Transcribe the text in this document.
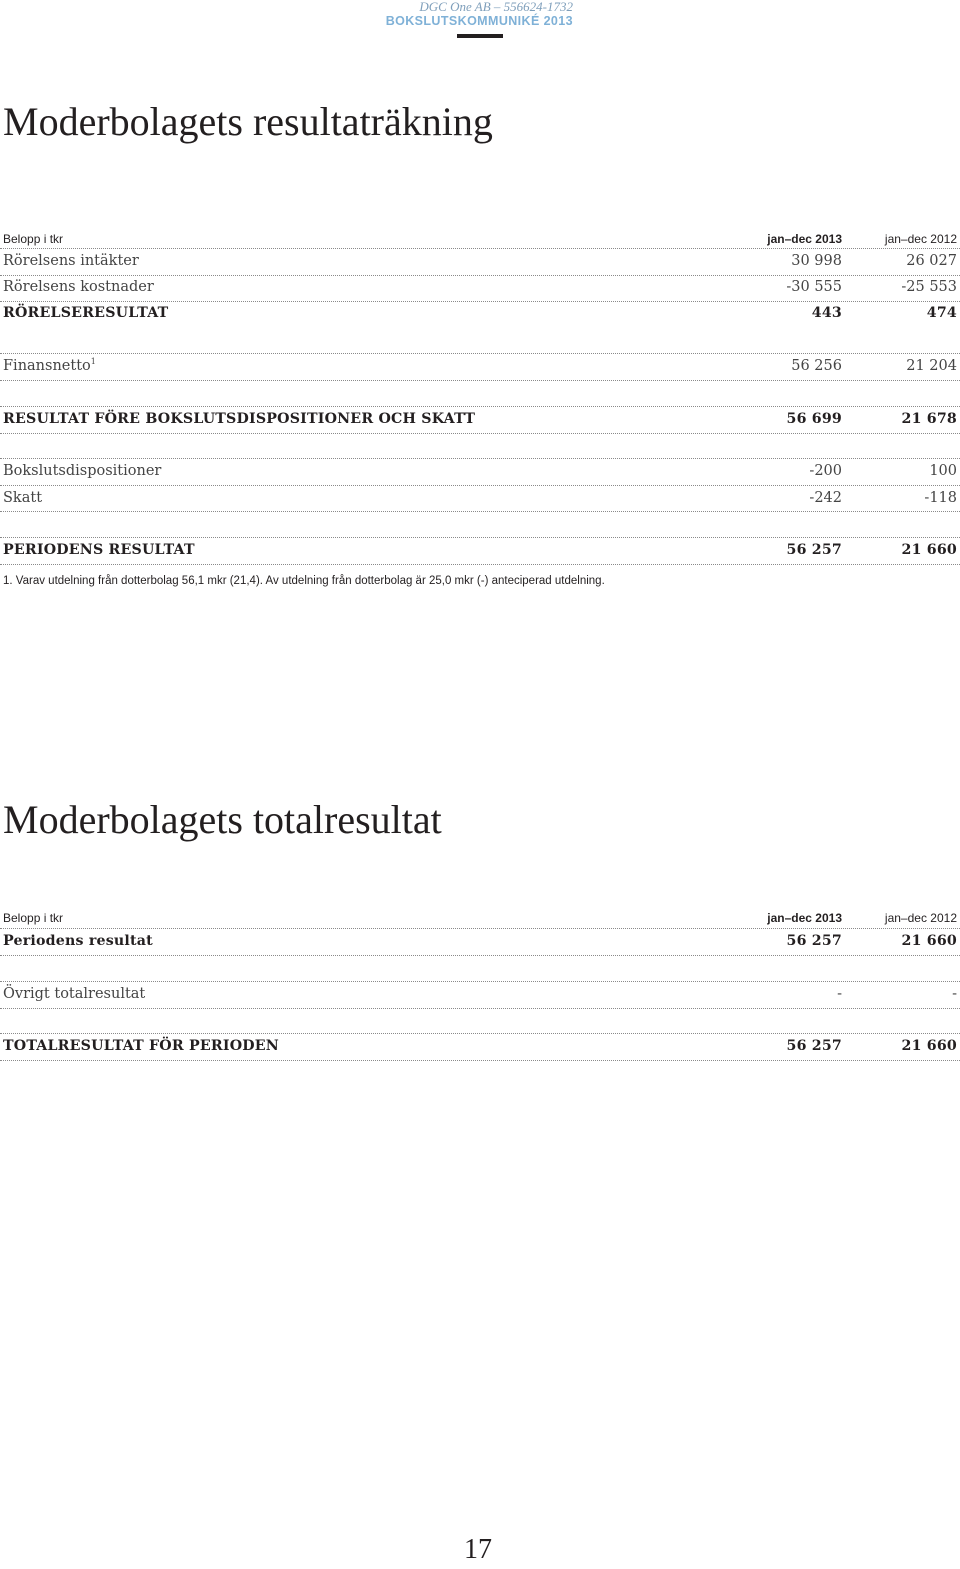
DGC One AB – 556624-1732
BOKSLUTSKOMMUNIKÉ 2013
Moderbolagets resultaträkning
Belopp i tkr	jan–dec 2013	jan–dec 2012
Rörelsens intäkter	30 998	26 027
Rörelsens kostnader	-30 555	-25 553
RÖRELSERESULTAT	443	474
Finansnetto$^1$	56 256	21 204
RESULTAT FÖRE BOKSLUTSDISPOSITIONER OCH SKATT	56 699	21 678
Bokslutsdispositioner	-200	100
Skatt	-242	-118
PERIODENS RESULTAT	56 257	21 660
1. Varav utdelning från dotterbolag 56,1 mkr (21,4). Av utdelning från dotterbolag är 25,0 mkr (-) anteciperad utdelning.
Moderbolagets totalresultat
Belopp i tkr	jan–dec 2013	jan–dec 2012
Periodens resultat	56 257	21 660
Övrigt totalresultat	-	-
TOTALRESULTAT FÖR PERIODEN	56 257	21 660
17
